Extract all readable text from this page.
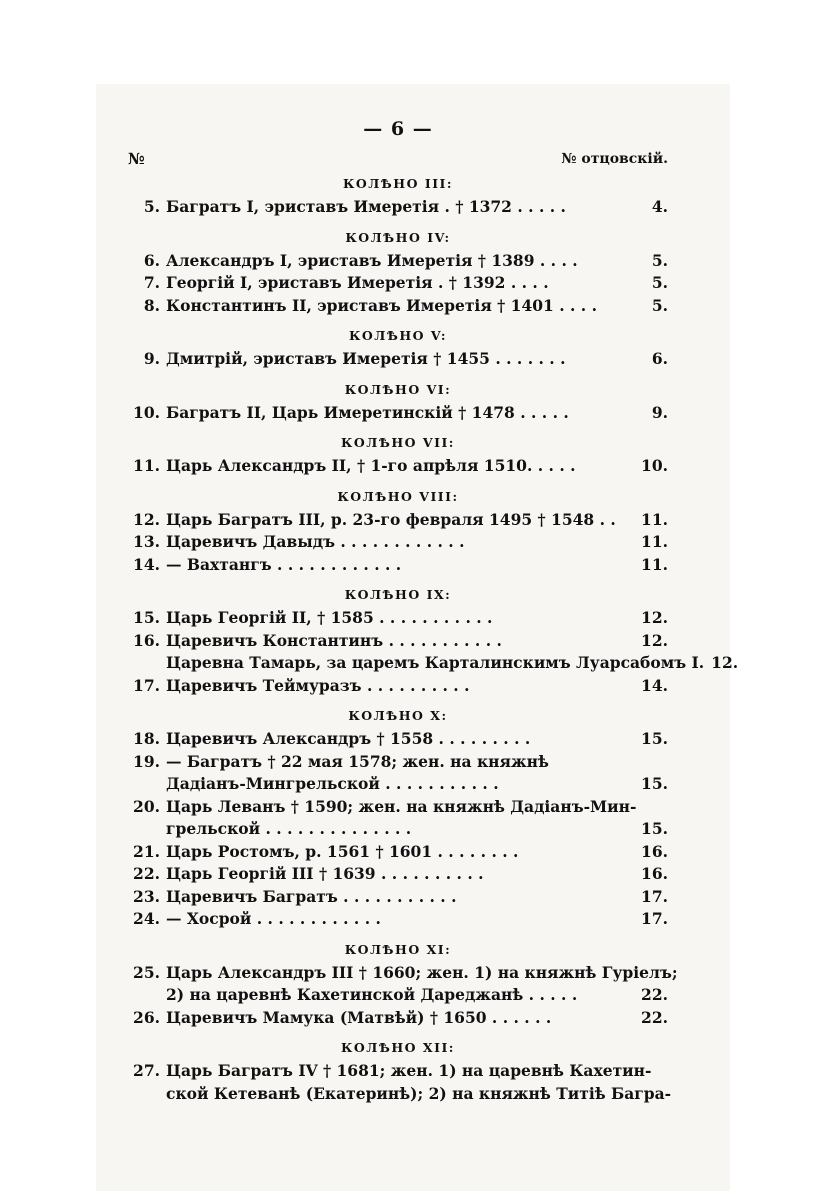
— 6 —
№	№ отцовскій.
КОЛѢНО III:
5. Багратъ I, эриставъ Имеретія . † 1372 . . . . .	4.
КОЛѢНО IV:
6. Александръ I, эриставъ Имеретія † 1389 . . . .	5.
7. Георгій I, эриставъ Имеретія . † 1392 . . . .	5.
8. Константинъ II, эриставъ Имеретія † 1401 . . . .	5.
КОЛѢНО V:
9. Дмитрій, эриставъ Имеретія † 1455 . . . . . . .	6.
КОЛѢНО VI:
10. Багратъ II, Царь Имеретинскій † 1478 . . . . .	9.
КОЛѢНО VII:
11. Царь Александръ II, † 1-го апрѣля 1510. . . . .	10.
КОЛѢНО VIII:
12. Царь Багратъ III, р. 23-го февраля 1495 † 1548 . .	11.
13. Царевичъ Давыдъ . . . . . . . . . . . .	11.
14. — Вахтангъ . . . . . . . . . . . .	11.
КОЛѢНО IX:
15. Царь Георгій II, † 1585 . . . . . . . . . . .	12.
16. Царевичъ Константинъ . . . . . . . . . . .	12.
Царевна Тамарь, за царемъ Карталинскимъ Луарсабомъ I. 12.
17. Царевичъ Теймуразъ . . . . . . . . . .	14.
КОЛѢНО X:
18. Царевичъ Александръ † 1558 . . . . . . . . .	15.
19. — Багратъ † 22 мая 1578; жен. на княжнѣ
Дадіанъ-Мингрельской . . . . . . . . . . .	15.
20. Царь Леванъ † 1590; жен. на княжнѣ Дадіанъ-Мин-
грельской . . . . . . . . . . . . . .	15.
21. Царь Ростомъ, р. 1561 † 1601 . . . . . . . .	16.
22. Царь Георгій III † 1639 . . . . . . . . . .	16.
23. Царевичъ Багратъ . . . . . . . . . . .	17.
24. — Хосрой . . . . . . . . . . . .	17.
КОЛѢНО XI:
25. Царь Александръ III † 1660; жен. 1) на княжнѣ Гуріелъ;
2) на царевнѣ Кахетинской Дареджанѣ . . . . .	22.
26. Царевичъ Мамука (Матвѣй) † 1650 . . . . . .	22.
КОЛѢНО XII:
27. Царь Багратъ IV † 1681; жен. 1) на царевнѣ Кахетин-
ской Кетеванѣ (Екатеринѣ); 2) на княжнѣ Титіѣ Багра-
